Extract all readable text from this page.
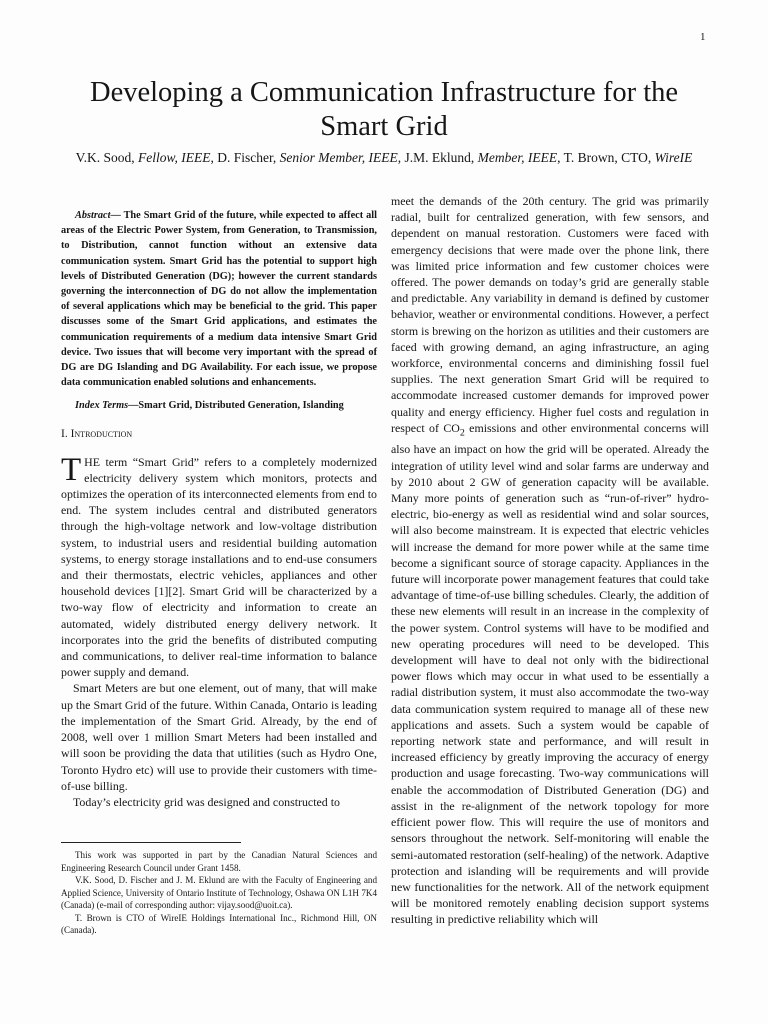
1
Developing a Communication Infrastructure for the Smart Grid
V.K. Sood, Fellow, IEEE, D. Fischer, Senior Member, IEEE, J.M. Eklund, Member, IEEE, T. Brown, CTO, WireIE

Abstract— The Smart Grid of the future, while expected to affect all areas of the Electric Power System, from Generation, to Transmission, to Distribution, cannot function without an extensive data communication system. Smart Grid has the potential to support high levels of Distributed Generation (DG); however the current standards governing the interconnection of DG do not allow the implementation of several applications which may be beneficial to the grid. This paper discusses some of the Smart Grid applications, and estimates the communication requirements of a medium data intensive Smart Grid device. Two issues that will become very important with the spread of DG are DG Islanding and DG Availability. For each issue, we propose data communication enabled solutions and enhancements.

Index Terms—Smart Grid, Distributed Generation, Islanding

I. Introduction

THE term “Smart Grid” refers to a completely modernized electricity delivery system which monitors, protects and optimizes the operation of its interconnected elements from end to end. The system includes central and distributed generators through the high-voltage network and low-voltage distribution system, to industrial users and residential building automation systems, to energy storage installations and to end-use consumers and their thermostats, electric vehicles, appliances and other household devices [1][2]. Smart Grid will be characterized by a two-way flow of electricity and information to create an automated, widely distributed energy delivery network. It incorporates into the grid the benefits of distributed computing and communications, to deliver real-time information to balance power supply and demand.

Smart Meters are but one element, out of many, that will make up the Smart Grid of the future. Within Canada, Ontario is leading the implementation of the Smart Grid. Already, by the end of 2008, well over 1 million Smart Meters had been installed and will soon be providing the data that utilities (such as Hydro One, Toronto Hydro etc) will use to provide their customers with time-of-use billing.

Today’s electricity grid was designed and constructed to

This work was supported in part by the Canadian Natural Sciences and Engineering Research Council under Grant 1458.

V.K. Sood, D. Fischer and J. M. Eklund are with the Faculty of Engineering and Applied Science, University of Ontario Institute of Technology, Oshawa ON L1H 7K4 (Canada) (e-mail of corresponding author: vijay.sood@uoit.ca).

T. Brown is CTO of WireIE Holdings International Inc., Richmond Hill, ON (Canada).

meet the demands of the 20th century. The grid was primarily radial, built for centralized generation, with few sensors, and dependent on manual restoration. Customers were faced with emergency decisions that were made over the phone link, there was limited price information and few customer choices were offered. The power demands on today’s grid are generally stable and predictable. Any variability in demand is defined by customer behavior, weather or environmental conditions. However, a perfect storm is brewing on the horizon as utilities and their customers are faced with growing demand, an aging infrastructure, an aging workforce, environmental concerns and diminishing fossil fuel supplies. The next generation Smart Grid will be required to accommodate increased customer demands for improved power quality and energy efficiency. Higher fuel costs and regulation in respect of $CO_2$ emissions and other environmental concerns will also have an impact on how the grid will be operated. Already the integration of utility level wind and solar farms are underway and by 2010 about 2 GW of generation capacity will be available. Many more points of generation such as “run-of-river” hydro-electric, bio-energy as well as residential wind and solar sources, will also become mainstream. It is expected that electric vehicles will increase the demand for more power while at the same time become a significant source of storage capacity. Appliances in the future will incorporate power management features that could take advantage of time-of-use billing schedules. Clearly, the addition of these new elements will result in an increase in the complexity of the power system. Control systems will have to be modified and new operating procedures will need to be developed. This development will have to deal not only with the bidirectional power flows which may occur in what used to be essentially a radial distribution system, it must also accommodate the two-way data communication system required to manage all of these new applications and assets. Such a system would be capable of reporting network state and performance, and will result in increased efficiency by greatly improving the accuracy of energy production and usage forecasting. Two-way communications will enable the accommodation of Distributed Generation (DG) and assist in the re-alignment of the network topology for more efficient power flow. This will require the use of monitors and sensors throughout the network. Self-monitoring will enable the semi-automated restoration (self-healing) of the network. Adaptive protection and islanding will be requirements and will provide new functionalities for the network. All of the network equipment will be monitored remotely enabling decision support systems resulting in predictive reliability which will
